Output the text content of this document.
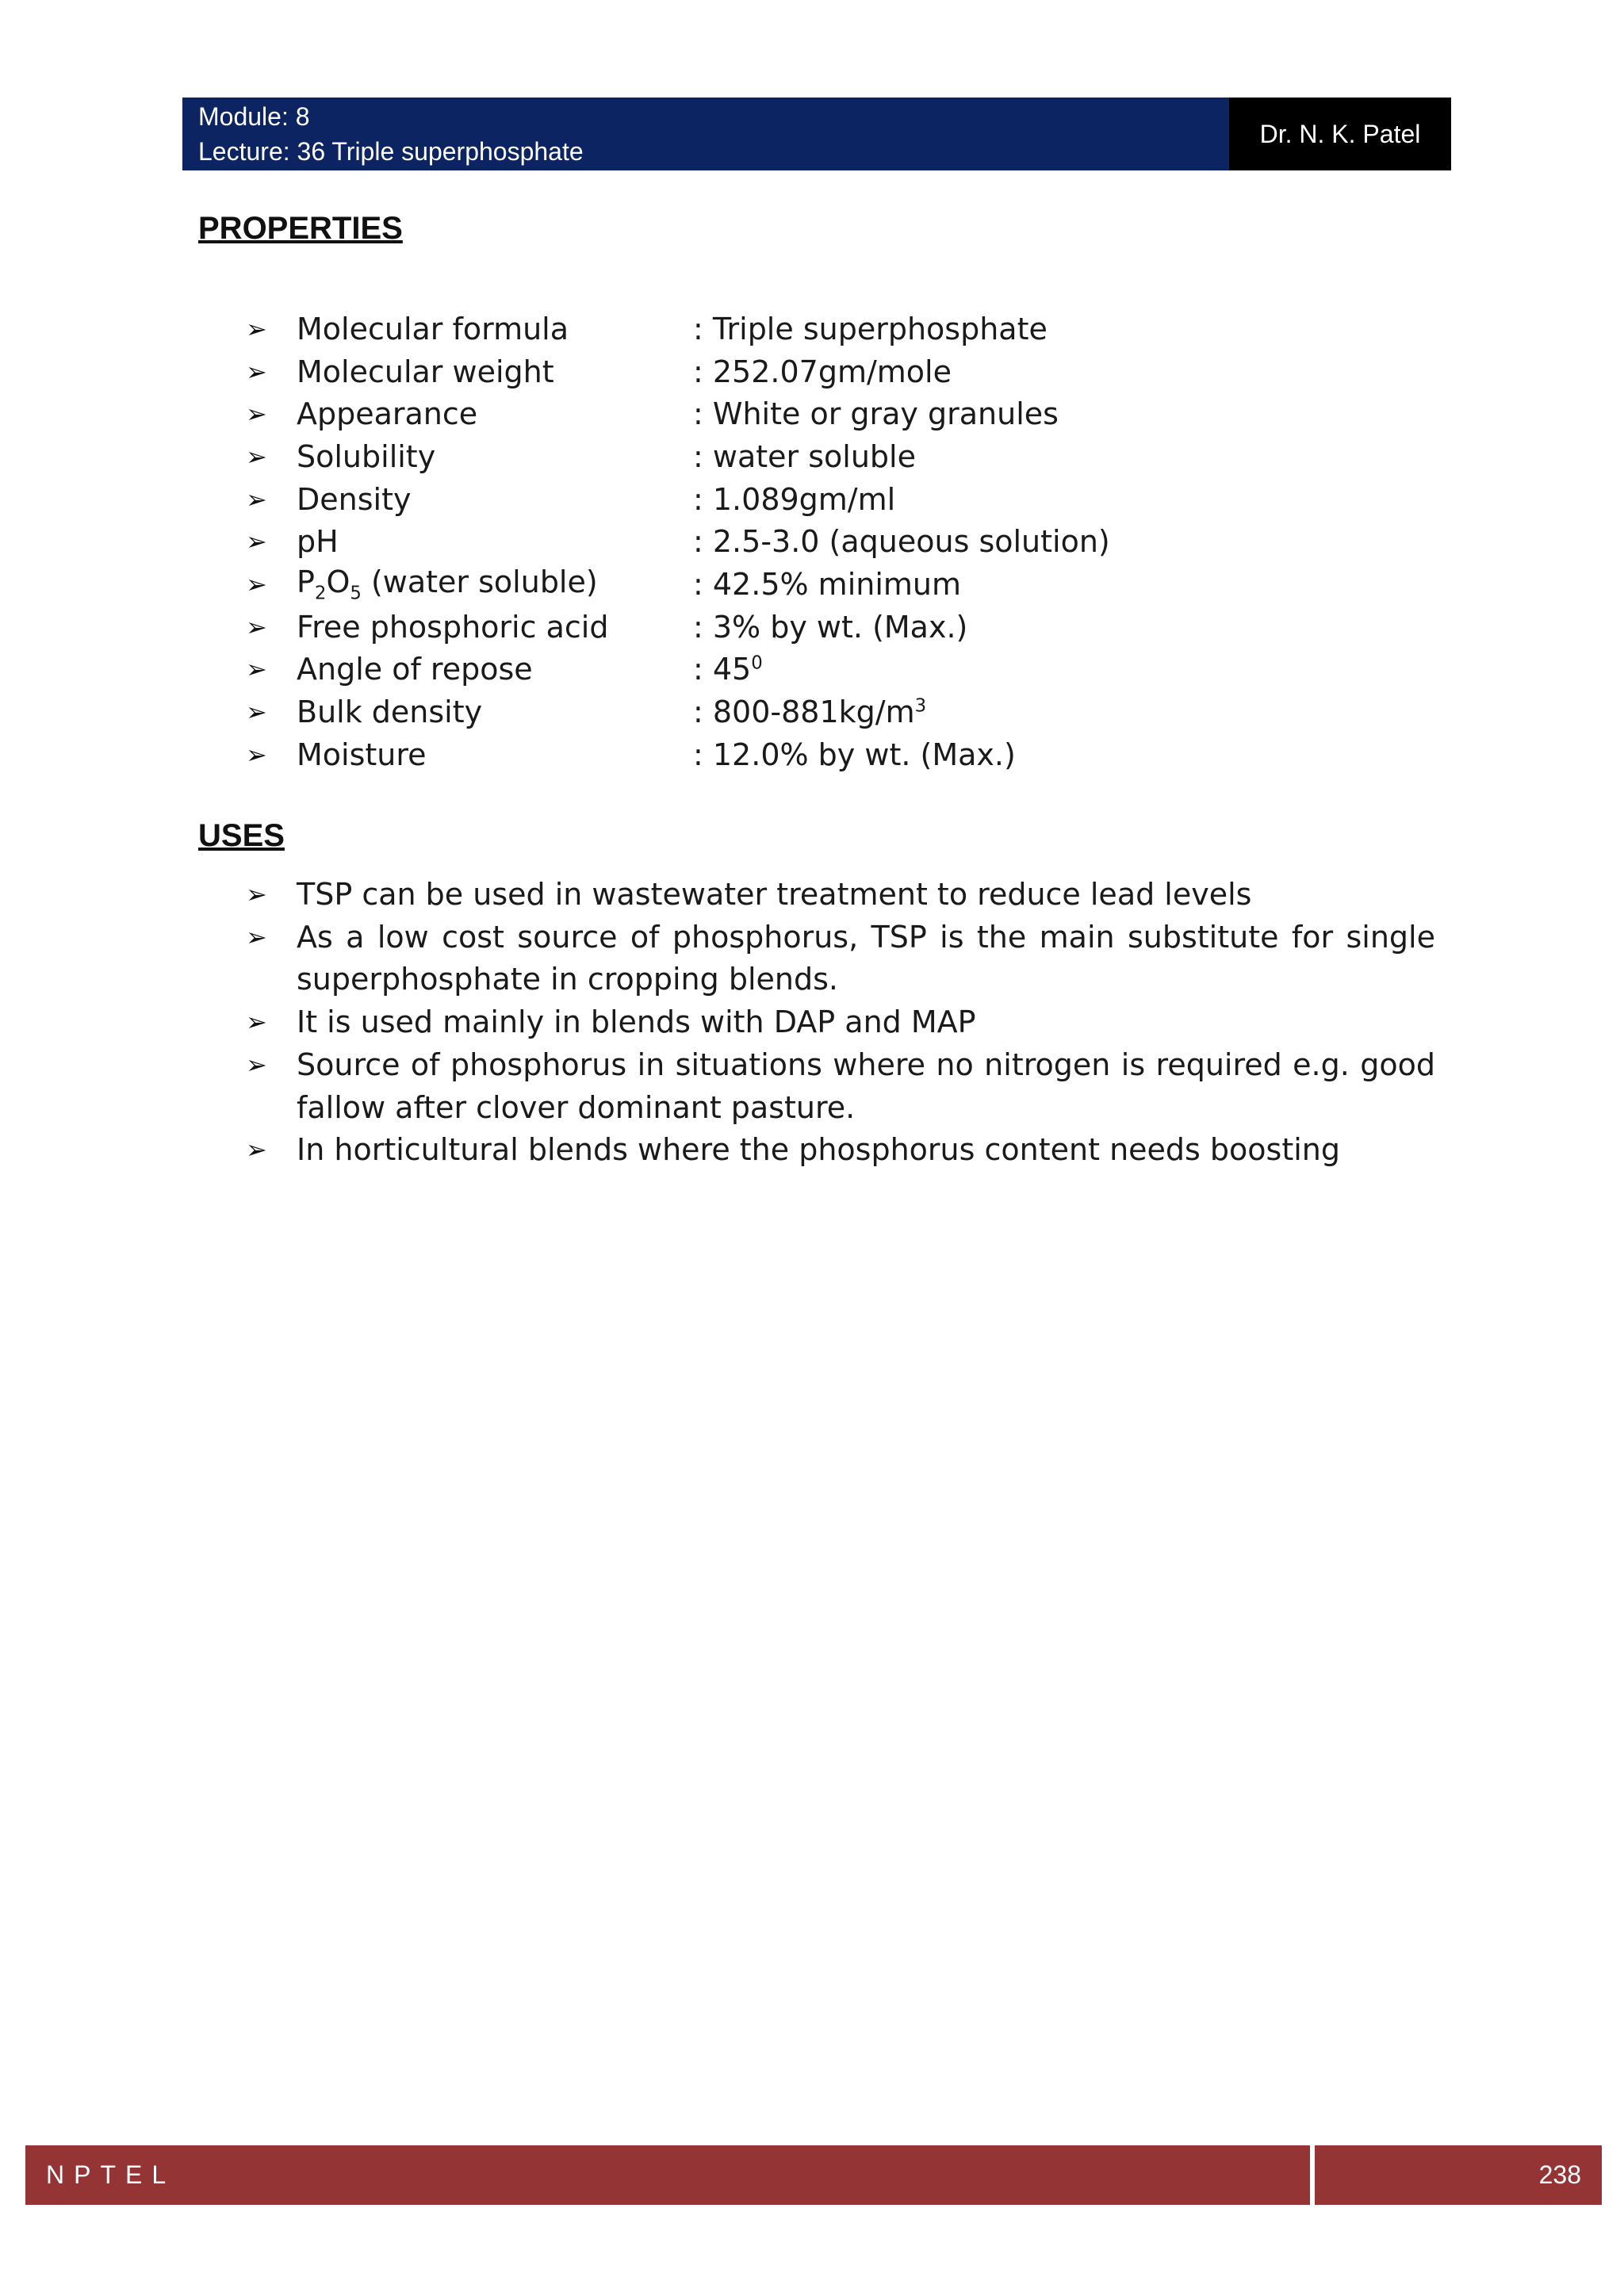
Module: 8
Lecture: 36 Triple superphosphate
Dr. N. K. Patel
PROPERTIES
➢ Molecular formula	: Triple superphosphate
➢ Molecular weight	: 252.07gm/mole
➢ Appearance	: White or gray granules
➢ Solubility	: water soluble
➢ Density	: 1.089gm/ml
➢ pH	: 2.5-3.0 (aqueous solution)
➢ $P_2O_5$ (water soluble)	: 42.5% minimum
➢ Free phosphoric acid	: 3% by wt. (Max.)
➢ Angle of repose	: $45^0$
➢ Bulk density	: $800-881kg/m^3$
➢ Moisture	: 12.0% by wt. (Max.)
USES
➢ TSP can be used in wastewater treatment to reduce lead levels
➢ As a low cost source of phosphorus, TSP is the main substitute for single superphosphate in cropping blends.
➢ It is used mainly in blends with DAP and MAP
➢ Source of phosphorus in situations where no nitrogen is required e.g. good fallow after clover dominant pasture.
➢ In horticultural blends where the phosphorus content needs boosting
NPTEL	238
